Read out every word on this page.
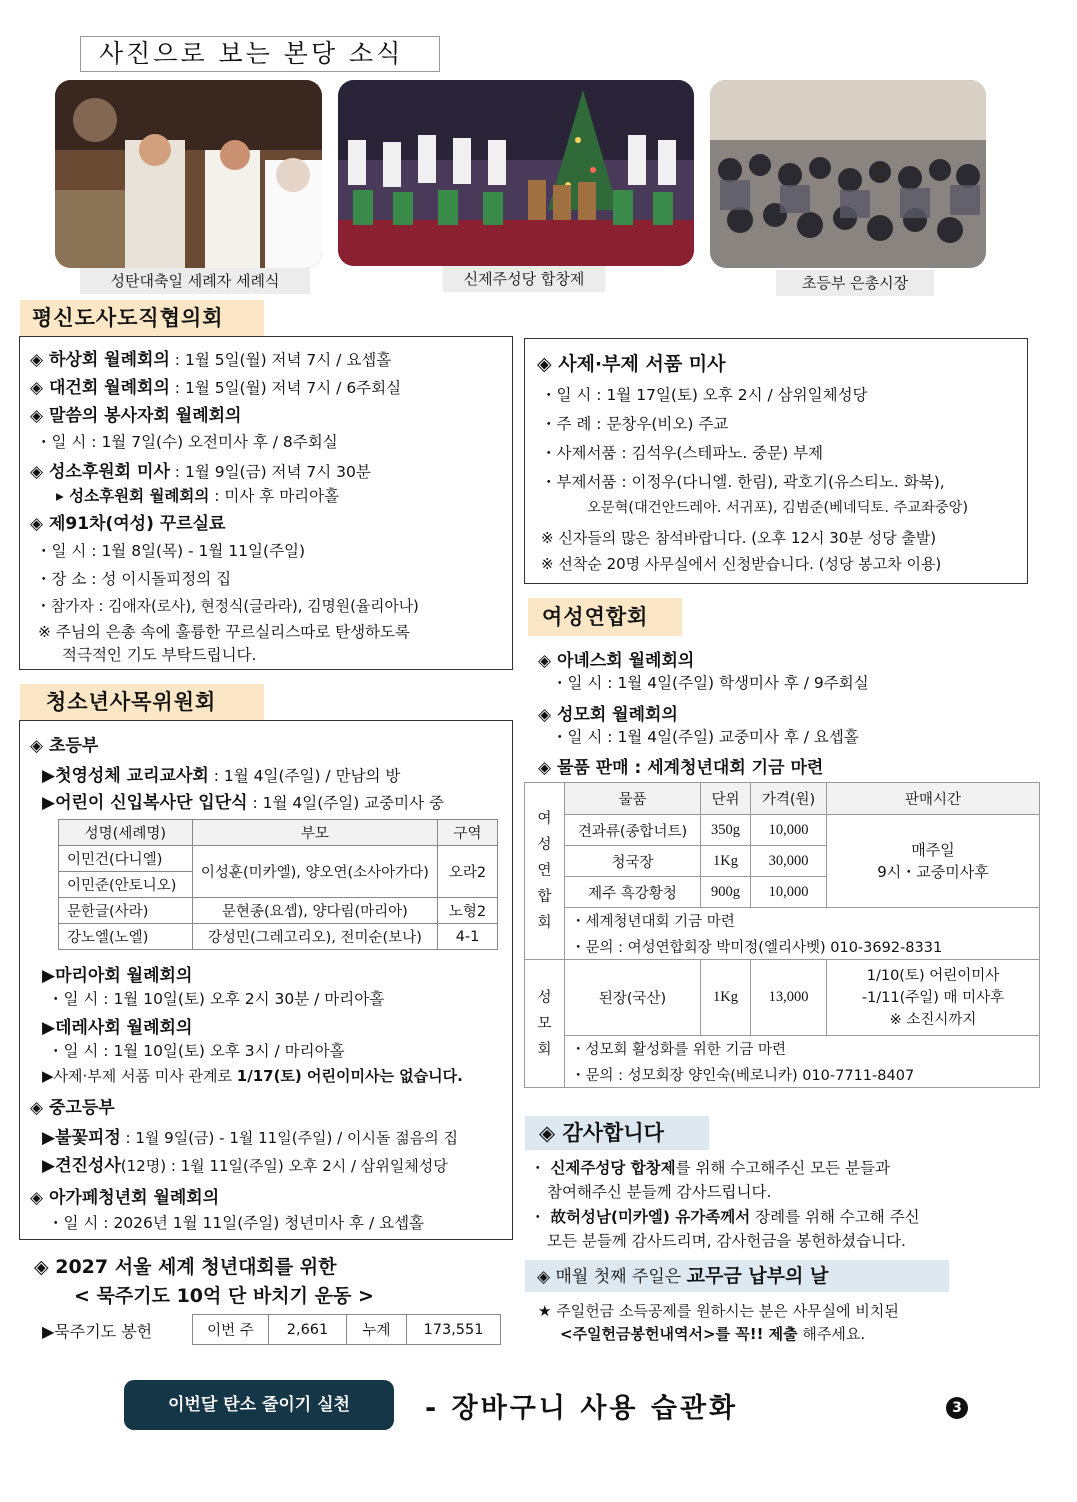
사진으로 보는 본당 소식
성탄대축일 세례자 세례식	신제주성당 합창제	초등부 은총시장
평신도사도직협의회
◈ 하상회 월례회의 : 1월 5일(월) 저녁 7시 / 요셉홀
◈ 대건회 월례회의 : 1월 5일(월) 저녁 7시 / 6주회실
◈ 말씀의 봉사자회 월례회의
・일 시 : 1월 7일(수) 오전미사 후 / 8주회실
◈ 성소후원회 미사 : 1월 9일(금) 저녁 7시 30분
▸ 성소후원회 월례회의 : 미사 후 마리아홀
◈ 제91차(여성) 꾸르실료
・일 시 : 1월 8일(목) - 1월 11일(주일)
・장 소 : 성 이시돌피정의 집
・참가자 : 김애자(로사), 현정식(글라라), 김명원(율리아나)
※ 주님의 은총 속에 훌륭한 꾸르실리스따로 탄생하도록
적극적인 기도 부탁드립니다.
청소년사목위원회
◈ 초등부
▶첫영성체 교리교사회 : 1월 4일(주일) / 만남의 방
▶어린이 신입복사단 입단식 : 1월 4일(주일) 교중미사 중
성명(세례명)	부모	구역
이민건(다니엘)	이성훈(미카엘), 양오연(소사아가다)	오라2
이민준(안토니오)		
문한글(사라)	문현종(요셉), 양다림(마리아)	노형2
강노엘(노엘)	강성민(그레고리오), 전미순(보나)	4-1
▶마리아회 월례회의
・일 시 : 1월 10일(토) 오후 2시 30분 / 마리아홀
▶데레사회 월례회의
・일 시 : 1월 10일(토) 오후 3시 / 마리아홀
▶사제·부제 서품 미사 관계로 1/17(토) 어린이미사는 없습니다.
◈ 중고등부
▶불꽃피정 : 1월 9일(금) - 1월 11일(주일) / 이시돌 젊음의 집
▶견진성사(12명) : 1월 11일(주일) 오후 2시 / 삼위일체성당
◈ 아가페청년회 월례회의
・일 시 : 2026년 1월 11일(주일) 청년미사 후 / 요셉홀
◈ 2027 서울 세계 청년대회를 위한
< 묵주기도 10억 단 바치기 운동 >
▶묵주기도 봉헌	이번 주	2,661	누계	173,551
◈ 사제·부제 서품 미사
・일 시 : 1월 17일(토) 오후 2시 / 삼위일체성당
・주 례 : 문창우(비오) 주교
・사제서품 : 김석우(스테파노. 중문) 부제
・부제서품 : 이정우(다니엘. 한림), 곽호기(유스티노. 화북),
오문혁(대건안드레아. 서귀포), 김범준(베네딕토. 주교좌중앙)
※ 신자들의 많은 참석바랍니다. (오후 12시 30분 성당 출발)
※ 선착순 20명 사무실에서 신청받습니다. (성당 봉고차 이용)
여성연합회
◈ 아녜스회 월례회의
・일 시 : 1월 4일(주일) 학생미사 후 / 9주회실
◈ 성모회 월례회의
・일 시 : 1월 4일(주일) 교중미사 후 / 요셉홀
◈ 물품 판매 : 세계청년대회 기금 마련
여
성
연
합
회	물품	단위	가격(원)	판매시간
	견과류(종합너트)	350g	10,000	매주일
9시・교중미사후
	청국장	1Kg	30,000	
	제주 흑강황청	900g	10,000	
	・세계청년대회 기금 마련			
	・문의 : 여성연합회장 박미정(엘리사벳) 010-3692-8331			
성
모
회	된장(국산)	1Kg	13,000	1/10(토) 어린이미사
-1/11(주일) 매 미사후
※ 소진시까지
	・성모회 활성화를 위한 기금 마련			
	・문의 : 성모회장 양인숙(베로니카) 010-7711-8407			
◈ 감사합니다
・ 신제주성당 합창제를 위해 수고해주신 모든 분들과
참여해주신 분들께 감사드립니다.
・ 故허성남(미카엘) 유가족께서 장례를 위해 수고해 주신
모든 분들께 감사드리며, 감사헌금을 봉헌하셨습니다.
◈ 매월 첫째 주일은 교무금 납부의 날
★ 주일헌금 소득공제를 원하시는 분은 사무실에 비치된
<주일헌금봉헌내역서>를 꼭!! 제출 해주세요.
이번달 탄소 줄이기 실천	- 장바구니 사용 습관화	3
